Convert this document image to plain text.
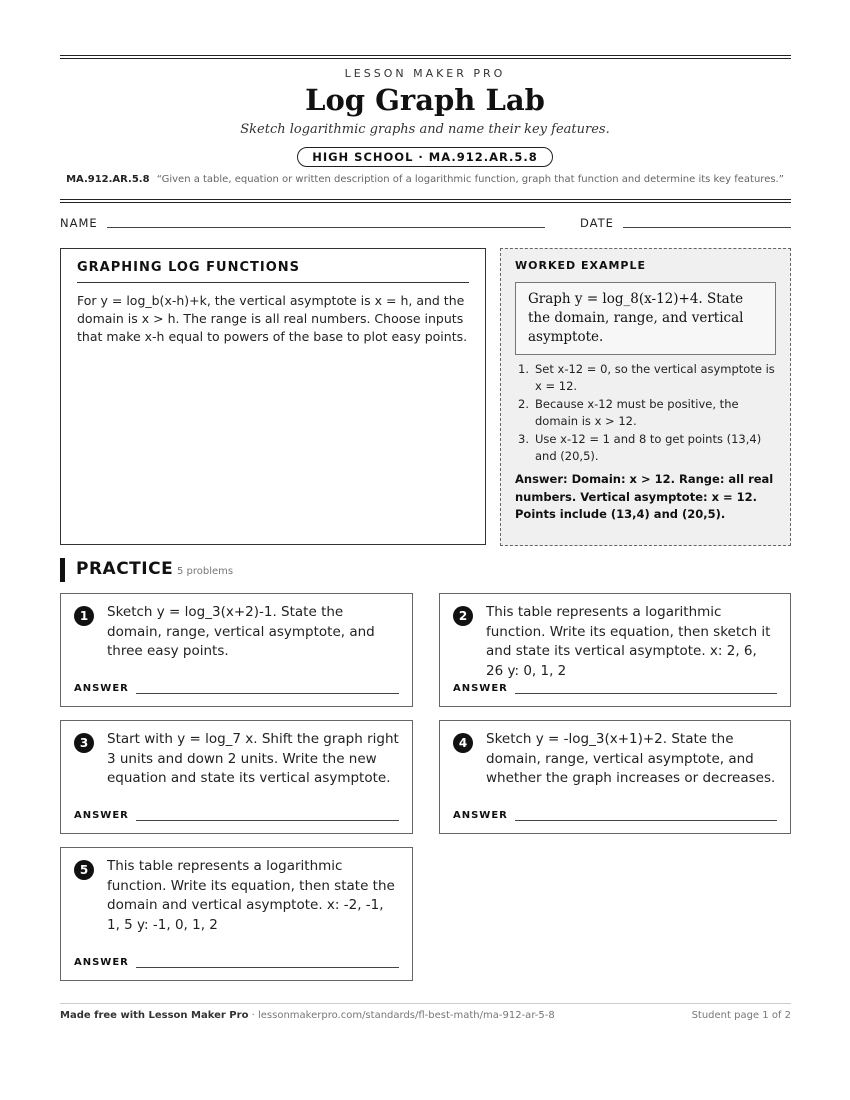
LESSON MAKER PRO
Log Graph Lab
Sketch logarithmic graphs and name their key features.
HIGH SCHOOL · MA.912.AR.5.8
MA.912.AR.5.8 “Given a table, equation or written description of a logarithmic function, graph that function and determine its key features.”
NAME	DATE
GRAPHING LOG FUNCTIONS

For y = log_b(x-h)+k, the vertical asymptote is x = h, and the domain is x > h. The range is all real numbers. Choose inputs that make x-h equal to powers of the base to plot easy points.

WORKED EXAMPLE
Graph y = log_8(x-12)+4. State the domain, range, and vertical asymptote.
1. Set x-12 = 0, so the vertical asymptote is x = 12.
2. Because x-12 must be positive, the domain is x > 12.
3. Use x-12 = 1 and 8 to get points (13,4) and (20,5).
Answer: Domain: x > 12. Range: all real numbers. Vertical asymptote: x = 12. Points include (13,4) and (20,5).
PRACTICE 5 problems
1	Sketch y = log_3(x+2)-1. State the domain, range, vertical asymptote, and three easy points.
ANSWER
2	This table represents a logarithmic function. Write its equation, then sketch it and state its vertical asymptote. x: 2, 6, 26 y: 0, 1, 2
ANSWER
3	Start with y = log_7 x. Shift the graph right 3 units and down 2 units. Write the new equation and state its vertical asymptote.
ANSWER
4	Sketch y = -log_3(x+1)+2. State the domain, range, vertical asymptote, and whether the graph increases or decreases.
ANSWER
5	This table represents a logarithmic function. Write its equation, then state the domain and vertical asymptote. x: -2, -1, 1, 5 y: -1, 0, 1, 2
ANSWER
Made free with Lesson Maker Pro · lessonmakerpro.com/standards/fl-best-math/ma-912-ar-5-8	Student page 1 of 2
